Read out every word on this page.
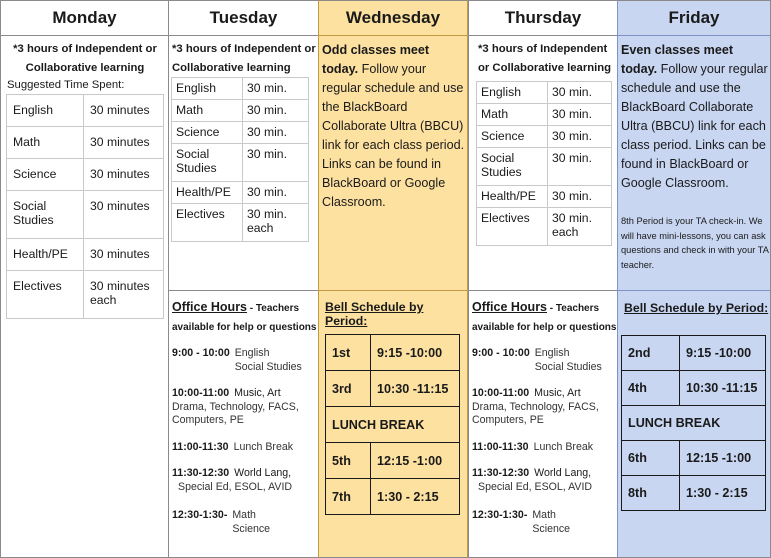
Monday
*3 hours of Independent or Collaborative learning
Suggested Time Spent:
English	30 minutes
Math	30 minutes
Science	30 minutes
Social Studies	30 minutes
Health/PE	30 minutes
Electives	30 minutes each
Tuesday
*3 hours of Independent or Collaborative learning
English	30 min.
Math	30 min.
Science	30 min.
Social Studies	30 min.
Health/PE	30 min.
Electives	30 min. each
Office Hours - Teachers available for help or questions
9:00 - 10:00 English
Social Studies
10:00-11:00 Music, Art
Drama, Technology, FACS,
Computers, PE
11:00-11:30 Lunch Break
11:30-12:30 World Lang,
Special Ed, ESOL, AVID
12:30-1:30- Math
Science
Wednesday
Odd classes meet today. Follow your regular schedule and use the BlackBoard Collaborate Ultra (BBCU) link for each class period. Links can be found in BlackBoard or Google Classroom.
Bell Schedule by Period:
1st	9:15 -10:00
3rd	10:30 -11:15
LUNCH BREAK	
5th	12:15 -1:00
7th	1:30 - 2:15
Thursday
*3 hours of Independent or Collaborative learning
English	30 min.
Math	30 min.
Science	30 min.
Social Studies	30 min.
Health/PE	30 min.
Electives	30 min. each
Office Hours - Teachers available for help or questions
9:00 - 10:00 English
Social Studies
10:00-11:00 Music, Art
Drama, Technology, FACS,
Computers, PE
11:00-11:30 Lunch Break
11:30-12:30 World Lang,
Special Ed, ESOL, AVID
12:30-1:30- Math
Science
Friday
Even classes meet today. Follow your regular schedule and use the BlackBoard Collaborate Ultra (BBCU) link for each class period. Links can be found in BlackBoard or Google Classroom.
8th Period is your TA check-in. We will have mini-lessons, you can ask questions and check in with your TA teacher.
Bell Schedule by Period:
2nd	9:15 -10:00
4th	10:30 -11:15
LUNCH BREAK	
6th	12:15 -1:00
8th	1:30 - 2:15
